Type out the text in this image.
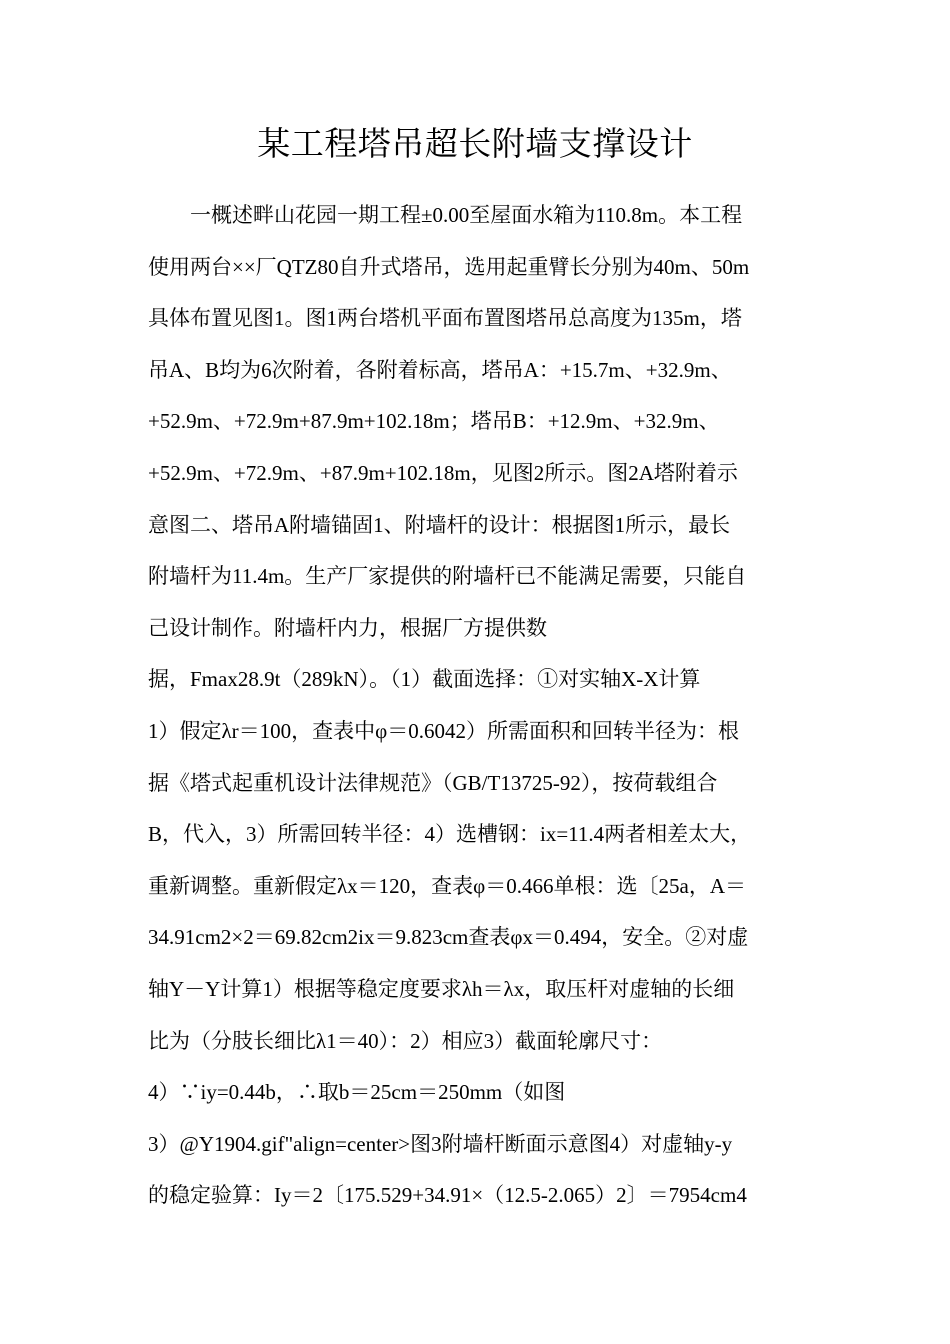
某工程塔吊超长附墙支撑设计
　　一概述畔山花园一期工程±0.00至屋面水箱为110.8m。本工程
使用两台××厂QTZ80自升式塔吊，选用起重臂长分别为40m、50m
具体布置见图1。图1两台塔机平面布置图塔吊总高度为135m，塔
吊A、B均为6次附着，各附着标高，塔吊A：+15.7m、+32.9m、
+52.9m、+72.9m+87.9m+102.18m；塔吊B：+12.9m、+32.9m、
+52.9m、+72.9m、+87.9m+102.18m，见图2所示。图2A塔附着示
意图二、塔吊A附墙锚固1、附墙杆的设计：根据图1所示，最长
附墙杆为11.4m。生产厂家提供的附墙杆已不能满足需要，只能自
己设计制作。附墙杆内力，根据厂方提供数
据，Fmax28.9t（289kN）。（1）截面选择：①对实轴X-X计算
1）假定λr＝100，查表中φ＝0.6042）所需面积和回转半径为：根
据《塔式起重机设计法律规范》（GB/T13725-92），按荷载组合
B，代入，3）所需回转半径：4）选槽钢：ix=11.4两者相差太大，
重新调整。重新假定λx＝120，查表φ＝0.466单根：选〔25a，A＝
34.91cm2×2＝69.82cm2ix＝9.823cm查表φx＝0.494，安全。②对虚
轴Y－Y计算1）根据等稳定度要求λh＝λx，取压杆对虚轴的长细
比为（分肢长细比λ1＝40）：2）相应3）截面轮廓尺寸：
4）∵iy=0.44b，∴取b＝25cm＝250mm（如图
3）@Y1904.gif"align=center>图3附墙杆断面示意图4）对虚轴y-y
的稳定验算：Iy＝2〔175.529+34.91×（12.5-2.065）2〕＝7954cm4
